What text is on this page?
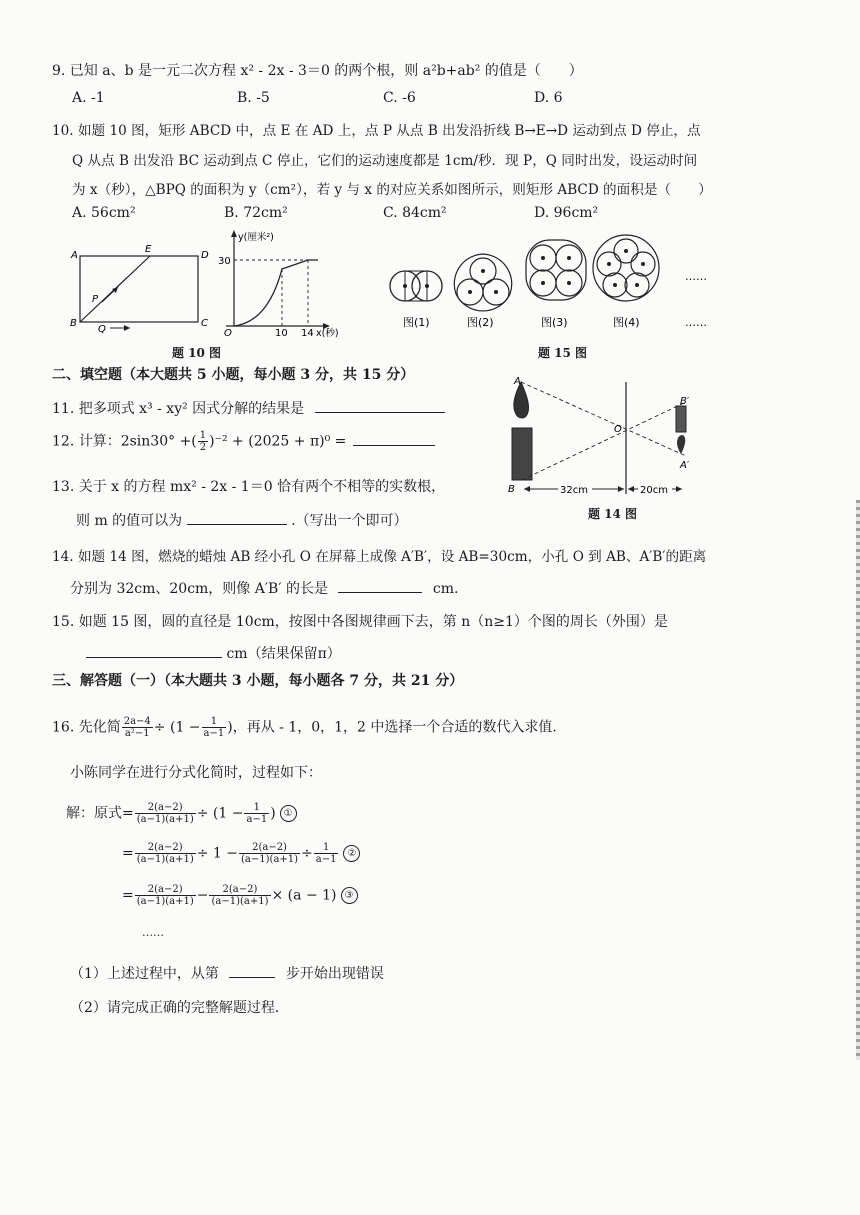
9. 已知 a、b 是一元二次方程 x² - 2x - 3＝0 的两个根，则 a²b+ab² 的值是（　　）
A. -1	B. -5	C. -6	D. 6
10. 如题 10 图，矩形 ABCD 中，点 E 在 AD 上，点 P 从点 B 出发沿折线 B→E→D 运动到点 D 停止，点
Q 从点 B 出发沿 BC 运动到点 C 停止，它们的运动速度都是 1cm/秒．现 P，Q 同时出发，设运动时间
为 x（秒），△BPQ 的面积为 y（cm²），若 y 与 x 的对应关系如图所示，则矩形 ABCD 的面积是（　　）
A. 56cm²	B. 72cm²	C. 84cm²	D. 96cm²
A	D
B	C
E
P
Q
y(厘米²)
30
O	10 14 x(秒)
题 10 图
……
图(1)	图(2)	图(3)	图(4)	……
题 15 图
二、填空题（本大题共 5 小题，每小题 3 分，共 15 分）
11. 把多项式 x³ - xy² 因式分解的结果是
12. 计算：2sin30° +( $\frac{1}{2} )^{-2} + (2025 + \pi)^0$ =
13. 关于 x 的方程 mx² - 2x - 1＝0 恰有两个不相等的实数根，
则 m 的值可以为	.（写出一个即可）
A
B
O
B′
A′
32cm	20cm
题 14 图
14. 如题 14 图，燃烧的蜡烛 AB 经小孔 O 在屏幕上成像 A′B′，设 AB=30cm，小孔 O 到 AB、A′B′的距离
分别为 32cm、20cm，则像 A′B′ 的长是	cm.
15. 如题 15 图，圆的直径是 10cm，按图中各图规律画下去，第 n（n≥1）个图的周长（外围）是
cm（结果保留π）
三、解答题（一）（本大题共 3 小题，每小题各 7 分，共 21 分）
16. 先化简 $\frac{2a-4}{\text{a²−1}} \div (1 - \frac{1}{a-1}$ )，再从 - 1，0，1，2 中选择一个合适的数代入求值．
小陈同学在进行分式化简时，过程如下：
解：原式= $\frac{2(a-2)}{(a-1)(a+1)} \div (1 - \frac{1}{a-1}$ ) ①
= $\frac{2(a-2)}{(a-1)(a+1)} \div 1 - \frac{2(a-2)}{(a-1)(a+1)} \div \frac{1}{a-1}$ ②
= $\frac{2(a-2)}{(a-1)(a+1)} - \frac{2(a-2)}{(a-1)(a+1)} \times (a - 1)$ ③
……
（1）上述过程中，从第	步开始出现错误
（2）请完成正确的完整解题过程．
